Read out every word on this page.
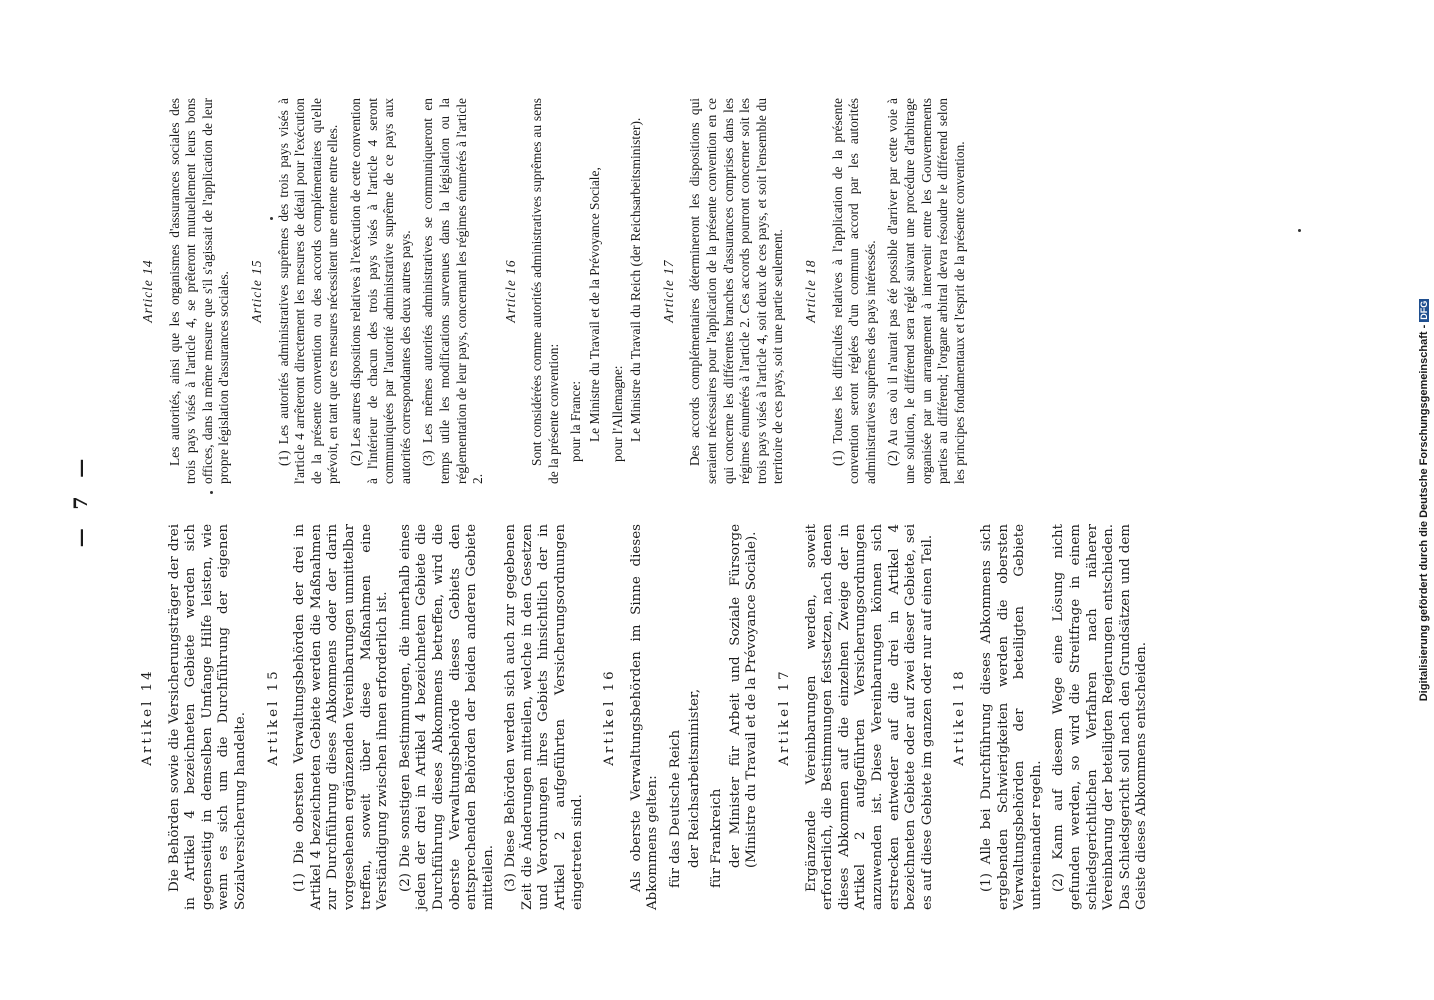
— 7 —
Artikel 14 Die Behörden sowie die Versicherungsträger der drei in Artikel 4 bezeichneten Gebiete werden sich gegenseitig in demselben Umfange Hilfe leisten, wie wenn es sich um die Durchführung der eigenen Sozialversicherung handelte. Artikel 15 (1) Die obersten Verwaltungsbehörden der drei in Artikel 4 bezeichneten Gebiete werden die Maßnahmen zur Durchführung dieses Abkommens oder der darin vorgesehenen ergänzenden Vereinbarungen unmittelbar treffen, soweit über diese Maßnahmen eine Verständigung zwischen ihnen erforderlich ist. (2) Die sonstigen Bestimmungen, die innerhalb eines jeden der drei in Artikel 4 bezeichneten Gebiete die Durchführung dieses Abkommens betreffen, wird die oberste Verwaltungsbehörde dieses Gebiets den entsprechenden Behörden der beiden anderen Gebiete mitteilen. (3) Diese Behörden werden sich auch zur gegebenen Zeit die Änderungen mitteilen, welche in den Gesetzen und Verordnungen ihres Gebiets hinsichtlich der in Artikel 2 aufgeführten Versicherungsordnungen eingetreten sind.
Artikel 16 Als oberste Verwaltungsbehörden im Sinne dieses Abkommens gelten: für das Deutsche Reich der Reichsarbeitsminister, für Frankreich der Minister für Arbeit und Soziale Fürsorge (Ministre du Travail et de la Prévoyance Sociale). Artikel 17 Ergänzende Vereinbarungen werden, soweit erforderlich, die Bestimmungen festsetzen, nach denen dieses Abkommen auf die einzelnen Zweige der in Artikel 2 aufgeführten Versicherungsordnungen anzuwenden ist. Diese Vereinbarungen können sich erstrecken entweder auf die drei in Artikel 4 bezeichneten Gebiete oder auf zwei dieser Gebiete, sei es auf diese Gebiete im ganzen oder nur auf einen Teil. Artikel 18 (1) Alle bei Durchführung dieses Abkommens sich ergebenden Schwierigkeiten werden die obersten Verwaltungsbehörden der beteiligten Gebiete untereinander regeln. (2) Kann auf diesem Wege eine Lösung nicht gefunden werden, so wird die Streitfrage in einem schiedsgerichtlichen Verfahren nach näherer Vereinbarung der beteiligten Regierungen entschieden. Das Schiedsgericht soll nach den Grundsätzen und dem Geiste dieses Abkommens entscheiden.
Article 14 Les autorités, ainsi que les organismes d'assurances sociales des trois pays visés à l'article 4, se prêteront mutuellement leurs bons offices, dans la même mesure que s'il s'agissait de l'application de leur propre législation d'assurances sociales. Article 15 (1) Les autorités administratives suprêmes des trois pays visés à l'article 4 arrêteront directement les mesures de détail pour l'exécution de la présente convention ou des accords complémentaires qu'elle prévoit, en tant que ces mesures nécessitent une entente entre elles. (2) Les autres dispositions relatives à l'exécution de cette convention à l'intérieur de chacun des trois pays visés à l'article 4 seront communiquées par l'autorité administrative suprême de ce pays aux autorités correspondantes des deux autres pays. (3) Les mêmes autorités administratives se communiqueront en temps utile les modifications survenues dans la législation ou la réglementation de leur pays, concernant les régimes énumérés à l'article 2.
Article 16 Sont considérées comme autorités administratives suprêmes au sens de la présente convention: pour la France: Le Ministre du Travail et de la Prévoyance Sociale, pour l'Allemagne: Le Ministre du Travail du Reich (der Reichsarbeitsminister). Article 17 Des accords complémentaires détermineront les dispositions qui seraient nécessaires pour l'application de la présente convention en ce qui concerne les différentes branches d'assurances comprises dans les régimes énumérés à l'article 2. Ces accords pourront concerner soit les trois pays visés à l'article 4, soit deux de ces pays, et soit l'ensemble du territoire de ces pays, soit une partie seulement. Article 18 (1) Toutes les difficultés relatives à l'application de la présente convention seront réglées d'un commun accord par les autorités administratives suprêmes des pays intéressés. (2) Au cas où il n'aurait pas été possible d'arriver par cette voie à une solution, le différend sera réglé suivant une procédure d'arbitrage organisée par un arrangement à intervenir entre les Gouvernements parties au différend; l'organe arbitral devra résoudre le différend selon les principes fondamentaux et l'esprit de la présente convention.
Digitalisierung gefördert durch die Deutsche Forschungsgemeinschaft -DFG
